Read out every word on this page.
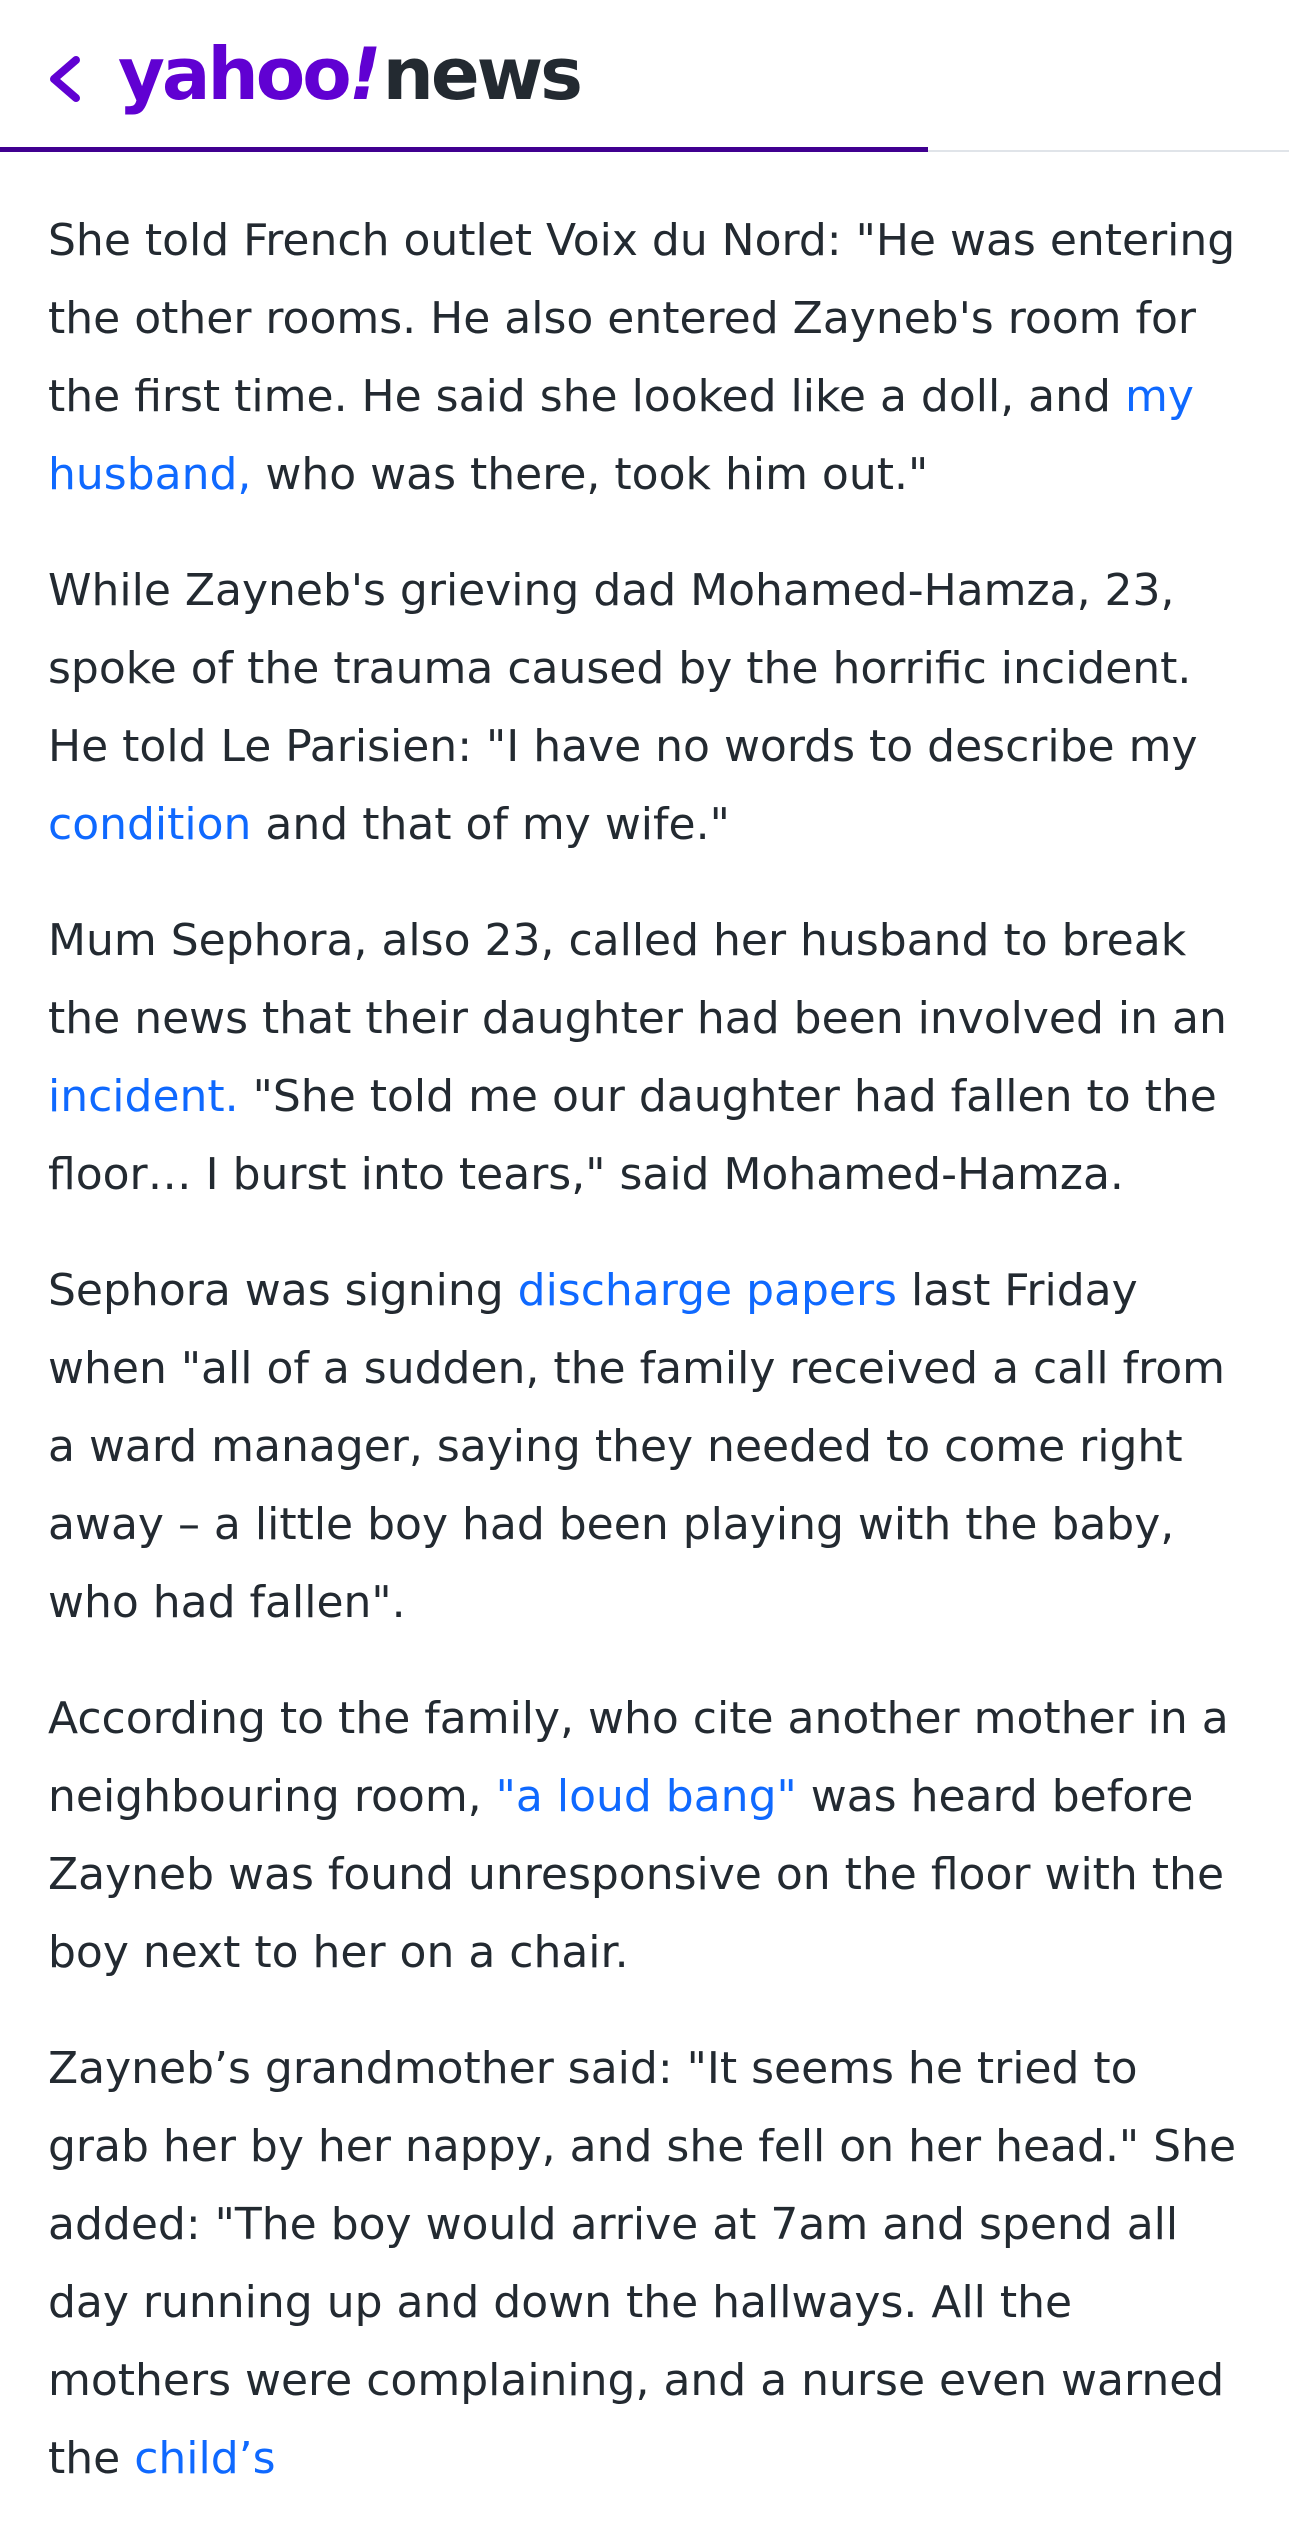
yahoo ! news

She told French outlet Voix du Nord: "He was entering the other rooms. He also entered Zayneb's room for the first time. He said she looked like a doll, and my husband, who was there, took him out."

While Zayneb's grieving dad Mohamed-Hamza, 23, spoke of the trauma caused by the horrific incident. He told Le Parisien: "I have no words to describe my condition and that of my wife."

Mum Sephora, also 23, called her husband to break the news that their daughter had been involved in an incident. "She told me our daughter had fallen to the floor… I burst into tears," said Mohamed-Hamza.

Sephora was signing discharge papers last Friday when "all of a sudden, the family received a call from a ward manager, saying they needed to come right away – a little boy had been playing with the baby, who had fallen".

According to the family, who cite another mother in a neighbouring room, "a loud bang" was heard before Zayneb was found unresponsive on the floor with the boy next to her on a chair.

Zayneb’s grandmother said: "It seems he tried to grab her by her nappy, and she fell on her head." She added: "The boy would arrive at 7am and spend all day running up and down the hallways. All the mothers were complaining, and a nurse even warned the child’s
